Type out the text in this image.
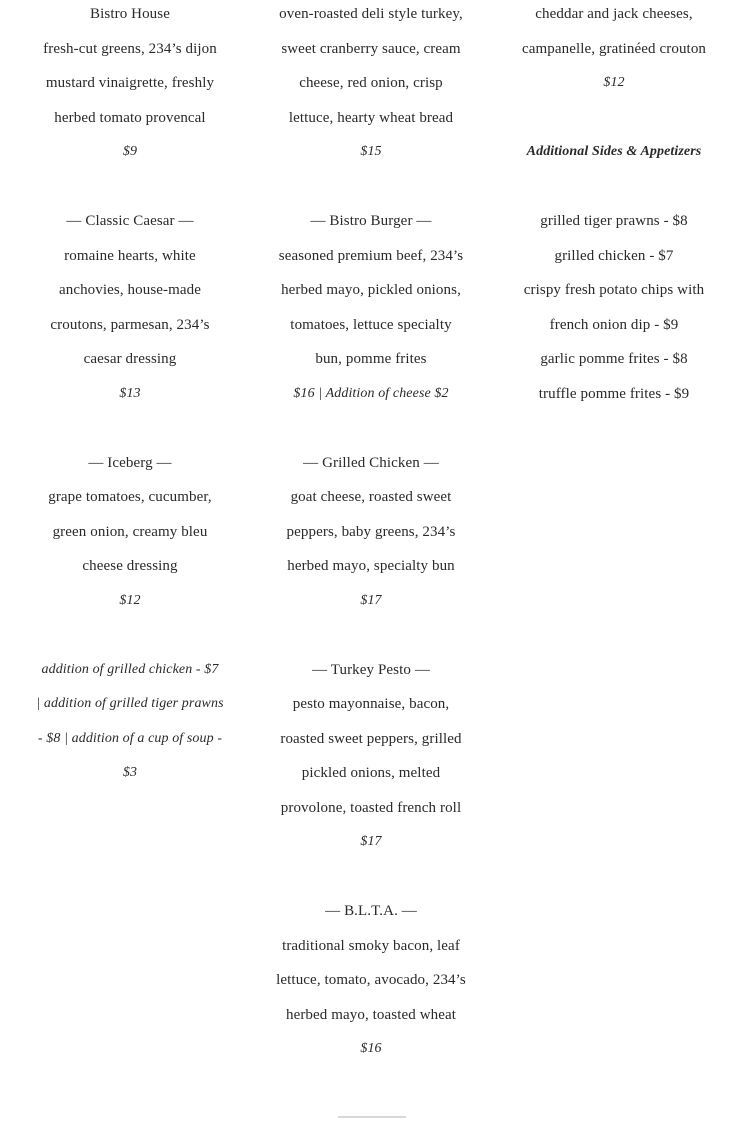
Bistro House
fresh-cut greens, 234’s dijon
mustard vinaigrette, freshly
herbed tomato provencal
$9
— Classic Caesar —
romaine hearts, white
anchovies, house-made
croutons, parmesan, 234’s
caesar dressing
$13
— Iceberg —
grape tomatoes, cucumber,
green onion, creamy bleu
cheese dressing
$12
addition of grilled chicken - $7
| addition of grilled tiger prawns
- $8 | addition of a cup of soup -
$3
oven-roasted deli style turkey,
sweet cranberry sauce, cream
cheese, red onion, crisp
lettuce, hearty wheat bread
$15
— Bistro Burger —
seasoned premium beef, 234’s
herbed mayo, pickled onions,
tomatoes, lettuce specialty
bun, pomme frites
$16 | Addition of cheese $2
— Grilled Chicken —
goat cheese, roasted sweet
peppers, baby greens, 234’s
herbed mayo, specialty bun
$17
— Turkey Pesto —
pesto mayonnaise, bacon,
roasted sweet peppers, grilled
pickled onions, melted
provolone, toasted french roll
$17
— B.L.T.A. —
traditional smoky bacon, leaf
lettuce, tomato, avocado, 234’s
herbed mayo, toasted wheat
$16
cheddar and jack cheeses,
campanelle, gratinéed crouton
$12
Additional Sides & Appetizers
grilled tiger prawns - $8
grilled chicken - $7
crispy fresh potato chips with
french onion dip - $9
garlic pomme frites - $8
truffle pomme frites - $9
